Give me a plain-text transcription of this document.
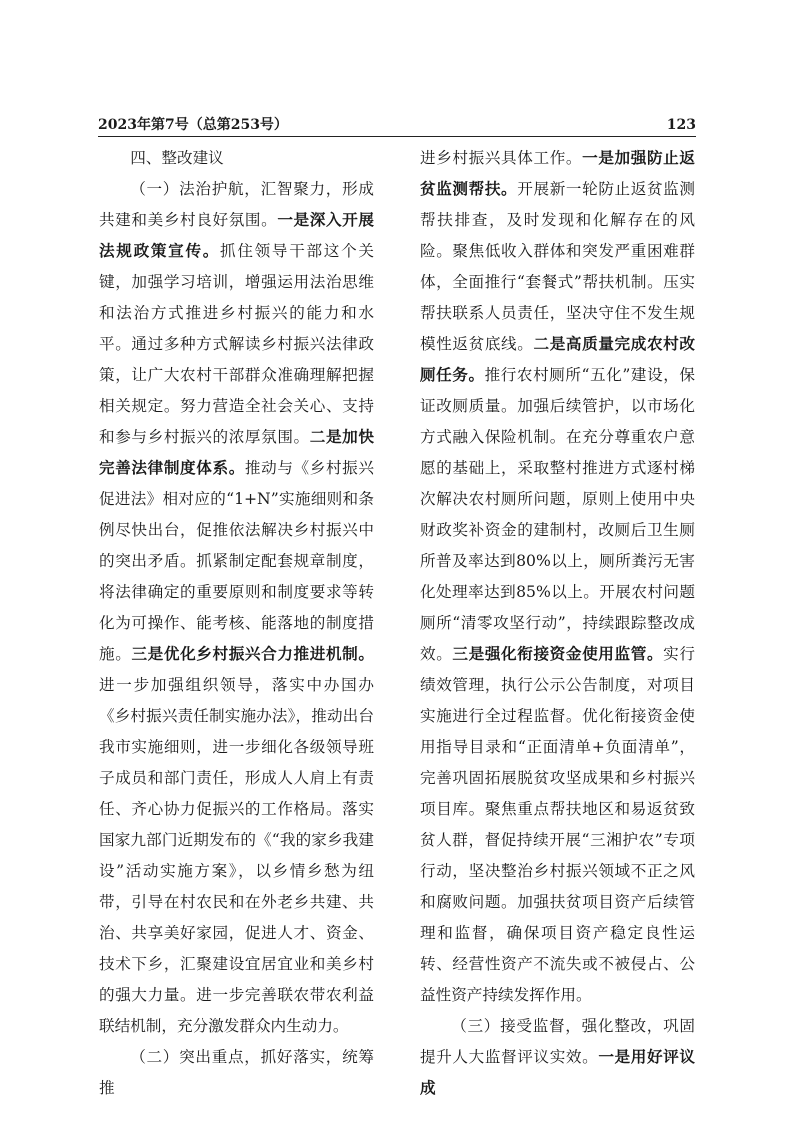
2023年第7号（总第253号）	123

四、整改建议

（一）法治护航，汇智聚力，形成共建和美乡村良好氛围。一是深入开展法规政策宣传。抓住领导干部这个关键，加强学习培训，增强运用法治思维和法治方式推进乡村振兴的能力和水平。通过多种方式解读乡村振兴法律政策，让广大农村干部群众准确理解把握相关规定。努力营造全社会关心、支持和参与乡村振兴的浓厚氛围。二是加快完善法律制度体系。推动与《乡村振兴促进法》相对应的“1+N”实施细则和条例尽快出台，促推依法解决乡村振兴中的突出矛盾。抓紧制定配套规章制度，将法律确定的重要原则和制度要求等转化为可操作、能考核、能落地的制度措施。三是优化乡村振兴合力推进机制。进一步加强组织领导，落实中办国办《乡村振兴责任制实施办法》，推动出台我市实施细则，进一步细化各级领导班子成员和部门责任，形成人人肩上有责任、齐心协力促振兴的工作格局。落实国家九部门近期发布的《“我的家乡我建设”活动实施方案》，以乡情乡愁为纽带，引导在村农民和在外老乡共建、共治、共享美好家园，促进人才、资金、技术下乡，汇聚建设宜居宜业和美乡村的强大力量。进一步完善联农带农利益联结机制，充分激发群众内生动力。

（二）突出重点，抓好落实，统筹推

进乡村振兴具体工作。一是加强防止返贫监测帮扶。开展新一轮防止返贫监测帮扶排查，及时发现和化解存在的风险。聚焦低收入群体和突发严重困难群体，全面推行“套餐式”帮扶机制。压实帮扶联系人员责任，坚决守住不发生规模性返贫底线。二是高质量完成农村改厕任务。推行农村厕所“五化”建设，保证改厕质量。加强后续管护，以市场化方式融入保险机制。在充分尊重农户意愿的基础上，采取整村推进方式逐村梯次解决农村厕所问题，原则上使用中央财政奖补资金的建制村，改厕后卫生厕所普及率达到80%以上，厕所粪污无害化处理率达到85%以上。开展农村问题厕所“清零攻坚行动”，持续跟踪整改成效。三是强化衔接资金使用监管。实行绩效管理，执行公示公告制度，对项目实施进行全过程监督。优化衔接资金使用指导目录和“正面清单+负面清单”，完善巩固拓展脱贫攻坚成果和乡村振兴项目库。聚焦重点帮扶地区和易返贫致贫人群，督促持续开展“三湘护农”专项行动，坚决整治乡村振兴领域不正之风和腐败问题。加强扶贫项目资产后续管理和监督，确保项目资产稳定良性运转、经营性资产不流失或不被侵占、公益性资产持续发挥作用。

（三）接受监督，强化整改，巩固提升人大监督评议实效。一是用好评议成
